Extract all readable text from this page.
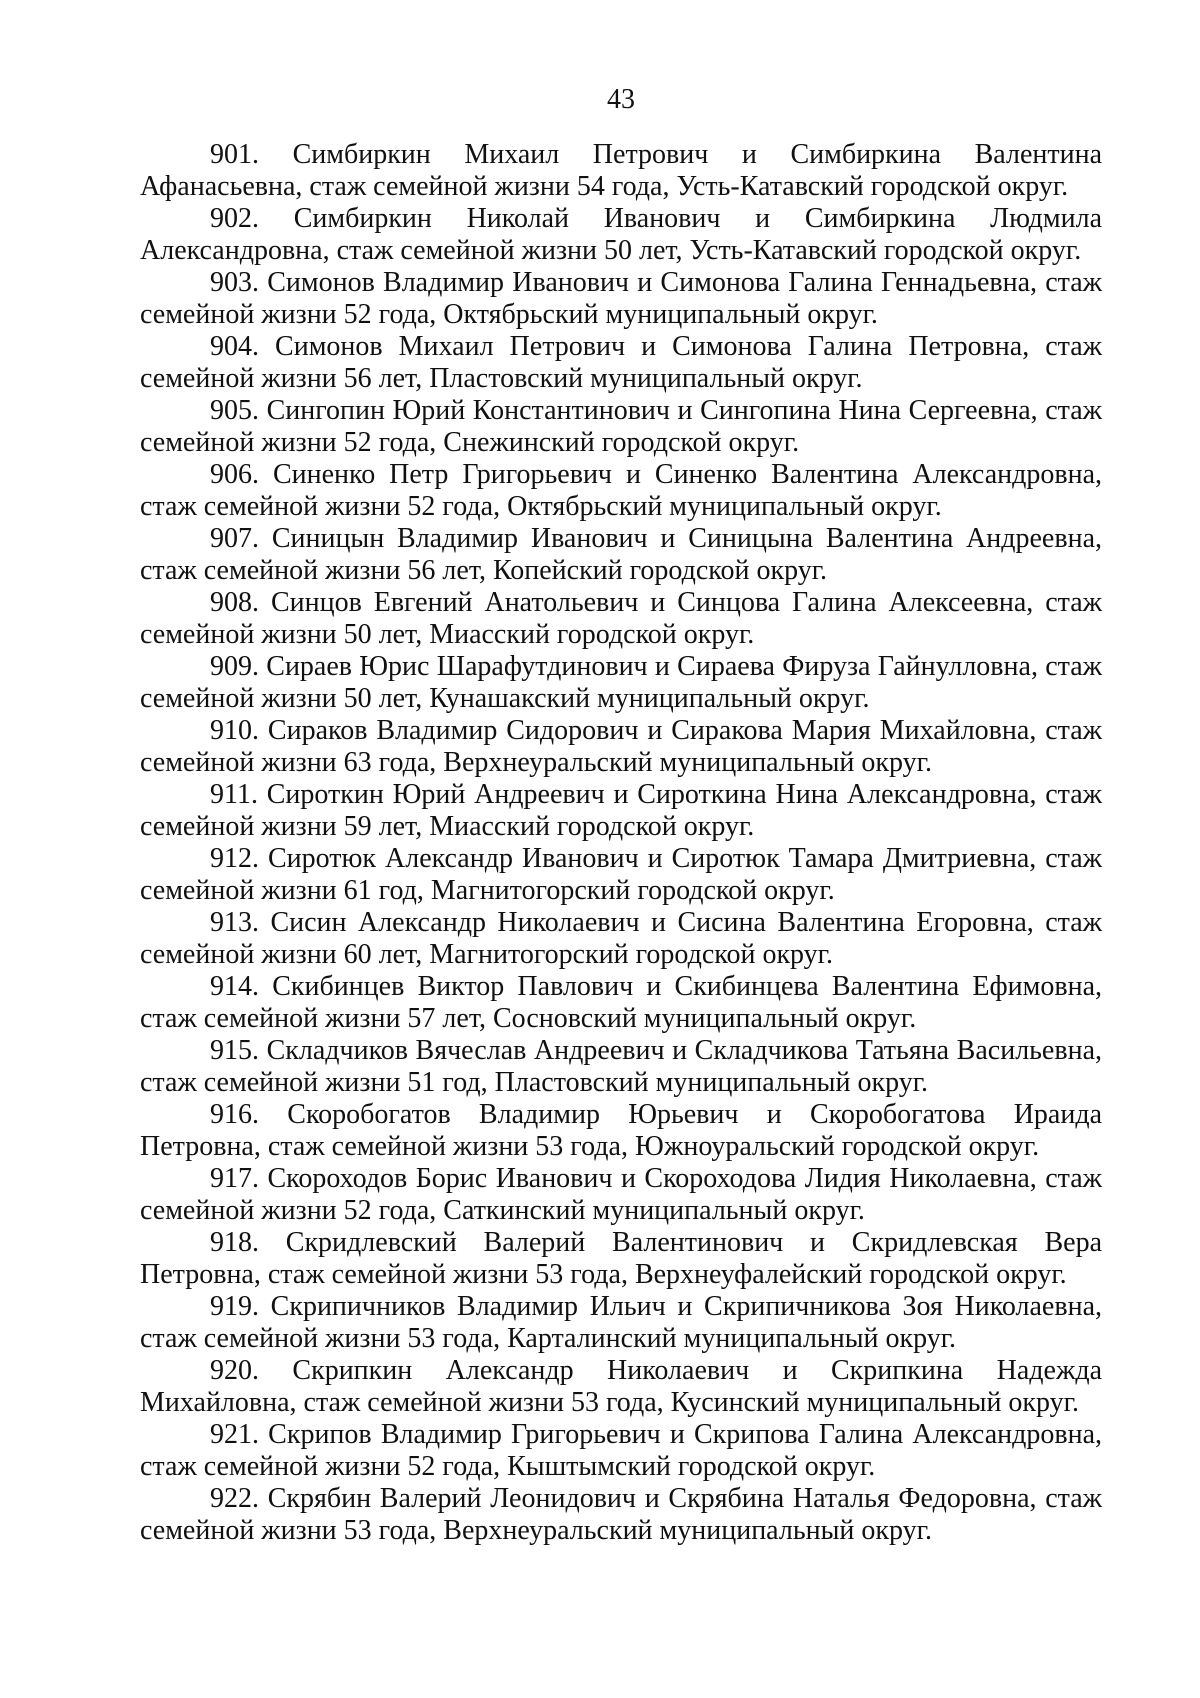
43
901. Симбиркин Михаил Петрович и Симбиркина Валентина Афанасьевна, стаж семейной жизни 54 года, Усть-Катавский городской округ.
902. Симбиркин Николай Иванович и Симбиркина Людмила Александровна, стаж семейной жизни 50 лет, Усть-Катавский городской округ.
903. Симонов Владимир Иванович и Симонова Галина Геннадьевна, стаж семейной жизни 52 года, Октябрьский муниципальный округ.
904. Симонов Михаил Петрович и Симонова Галина Петровна, стаж семейной жизни 56 лет, Пластовский муниципальный округ.
905. Сингопин Юрий Константинович и Сингопина Нина Сергеевна, стаж семейной жизни 52 года, Снежинский городской округ.
906. Синенко Петр Григорьевич и Синенко Валентина Александровна, стаж семейной жизни 52 года, Октябрьский муниципальный округ.
907. Синицын Владимир Иванович и Синицына Валентина Андреевна, стаж семейной жизни 56 лет, Копейский городской округ.
908. Синцов Евгений Анатольевич и Синцова Галина Алексеевна, стаж семейной жизни 50 лет, Миасский городской округ.
909. Сираев Юрис Шарафутдинович и Сираева Фируза Гайнулловна, стаж семейной жизни 50 лет, Кунашакский муниципальный округ.
910. Сираков Владимир Сидорович и Сиракова Мария Михайловна, стаж семейной жизни 63 года, Верхнеуральский муниципальный округ.
911. Сироткин Юрий Андреевич и Сироткина Нина Александровна, стаж семейной жизни 59 лет, Миасский городской округ.
912. Сиротюк Александр Иванович и Сиротюк Тамара Дмитриевна, стаж семейной жизни 61 год, Магнитогорский городской округ.
913. Сисин Александр Николаевич и Сисина Валентина Егоровна, стаж семейной жизни 60 лет, Магнитогорский городской округ.
914. Скибинцев Виктор Павлович и Скибинцева Валентина Ефимовна, стаж семейной жизни 57 лет, Сосновский муниципальный округ.
915. Складчиков Вячеслав Андреевич и Складчикова Татьяна Васильевна, стаж семейной жизни 51 год, Пластовский муниципальный округ.
916. Скоробогатов Владимир Юрьевич и Скоробогатова Ираида Петровна, стаж семейной жизни 53 года, Южноуральский городской округ.
917. Скороходов Борис Иванович и Скороходова Лидия Николаевна, стаж семейной жизни 52 года, Саткинский муниципальный округ.
918. Скридлевский Валерий Валентинович и Скридлевская Вера Петровна, стаж семейной жизни 53 года, Верхнеуфалейский городской округ.
919. Скрипичников Владимир Ильич и Скрипичникова Зоя Николаевна, стаж семейной жизни 53 года, Карталинский муниципальный округ.
920. Скрипкин Александр Николаевич и Скрипкина Надежда Михайловна, стаж семейной жизни 53 года, Кусинский муниципальный округ.
921. Скрипов Владимир Григорьевич и Скрипова Галина Александровна, стаж семейной жизни 52 года, Кыштымский городской округ.
922. Скрябин Валерий Леонидович и Скрябина Наталья Федоровна, стаж семейной жизни 53 года, Верхнеуральский муниципальный округ.
